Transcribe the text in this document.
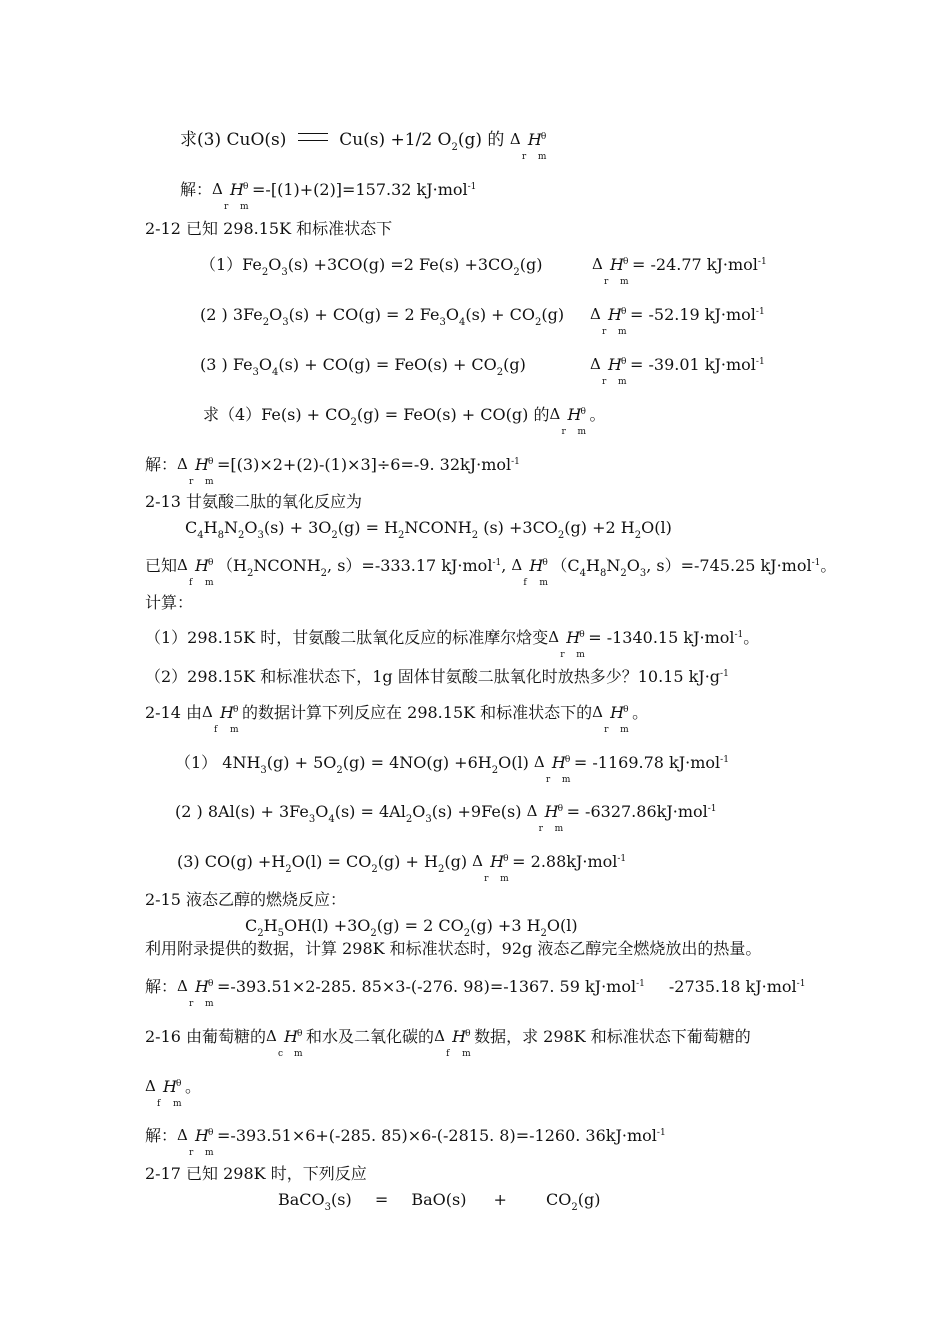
求(3) CuO(s)	Cu(s) +1/2 $O_2(g)$ 的 Δ H θ
r m
解： Δ H θ
r m
=-[(1)+(2)]=157.32 kJ·mol$^{-1}$
2-12 已知 298.15K 和标准状态下
$(1)Fe_2O_3(s) +3CO(g) =2$ $Fe(s) +3CO_2(g)$	Δ H θ
r m
= -24.77 kJ·mol$^{-1}$
(2 ) $3Fe_2O_3(s) + CO(g) = 2$ $Fe_3O_4(s) + CO_2(g)$ Δ H θ
r m
= -52.19 kJ·mol$^{-1}$
(3 ) $Fe_3O_4(s) + CO(g) = FeO(s) + CO_2(g)$	Δ H θ
r m
= -39.01 kJ·mol$^{-1}$
求$(4)Fe(s) + CO_2(g) = FeO(s) + CO(g)$ 的 Δ H θ
r m
。
解： Δ H θ
r m
=[(3)×2+(2)-(1)×3]÷6=-9. 32kJ·mol$^{-1}$
2-13 甘氨酸二肽的氧化反应为
$C_4H_8N_2O_3(s) + 3O_2(g)$ = $H_2NCONH_2$ $(s) +3CO_2(g) +2$ $H_2O(l)$
已知 Δ H θ
f m
（$H_2NCONH_2$, s）=-333.17 kJ·mol$^{-1}$, Δ H θ
f m
（$C_4H_8N_2O_3$, s）=-745.25 kJ·mol$^{-1}$。
计算：
（1）298.15K 时，甘氨酸二肽氧化反应的标准摩尔焓变 Δ H θ
r m
= -1340.15 kJ·mol$^{-1}$。
（2）298.15K 和标准状态下，1g 固体甘氨酸二肽氧化时放热多少？10.15 $kJ\cdot g^{-1}$
2-14 由 Δ H θ
f m
的数据计算下列反应在 298.15K 和标准状态下的 Δ H θ
r m
。
（1） $4NH_3(g) + 5O_2(g) = 4NO(g) +6H_2O(l)$ Δ H θ
r m
= -1169.78 kJ·mol$^{-1}$
(2 ) $8Al(s) + 3Fe_3O_4(s) = 4Al_2O_3(s) +9Fe(s)$ Δ H θ
r m
= -6327.86kJ·mol$^{-1}$
(3) $CO(g) +H_2O(l) = CO_2(g) + H_2(g)$ Δ H θ
r m
= 2.88kJ·mol$^{-1}$
2-15 液态乙醇的燃烧反应：
$C_2H_5OH(l) +3O_2(g) = 2$ $CO_2(g) +3$ $H_2O(l)$
利用附录提供的数据，计算 298K 和标准状态时，92g 液态乙醇完全燃烧放出的热量。
解： Δ H θ
r m
=-393.51×2-285. 85×3-(-276. 98)=-1367. 59 kJ·mol$^{-1}$ -2735.18 kJ·mol$^{-1}$
2-16 由葡萄糖的 Δ H θ
c m
和水及二氧化碳的 Δ H θ
f m
数据，求 298K 和标准状态下葡萄糖的
Δ H θ
f m
。
解： Δ H θ
r m
=-393.51×6+(-285. 85)×6-(-2815. 8)=-1260. 36kJ·mol$^{-1}$
2-17 已知 298K 时，下列反应
BaCO$_3$(s) = $BaO(s) + CO_2(g)$
